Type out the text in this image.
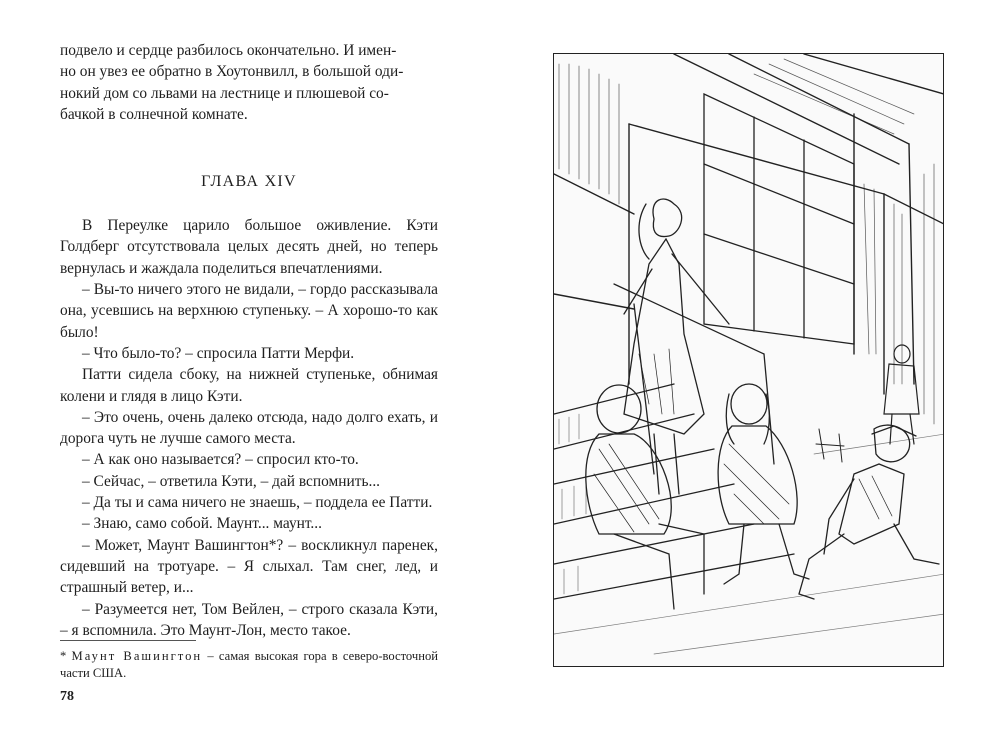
подвело и сердце разбилось окончательно. И имен-

но он увез ее обратно в Хоутонвилл, в большой оди-

нокий дом со львами на лестнице и плюшевой со-

бачкой в солнечной комнате.

ГЛАВА XIV

В Переулке царило большое оживление. Кэти Голдберг отсутствовала целых десять дней, но теперь вернулась и жаждала поделиться впечатлениями.

– Вы-то ничего этого не видали, – гордо рассказывала она, усевшись на верхнюю ступеньку. – А хорошо-то как было!

– Что было-то? – спросила Патти Мерфи.

Патти сидела сбоку, на нижней ступеньке, обнимая колени и глядя в лицо Кэти.

– Это очень, очень далеко отсюда, надо долго ехать, и дорога чуть не лучше самого места.

– А как оно называется? – спросил кто-то.

– Сейчас, – ответила Кэти, – дай вспомнить...

– Да ты и сама ничего не знаешь, – поддела ее Патти.

– Знаю, само собой. Маунт... маунт...

– Может, Маунт Вашингтон*? – воскликнул паренек, сидевший на тротуаре. – Я слыхал. Там снег, лед, и страшный ветер, и...

– Разумеется нет, Том Вейлен, – строго сказала Кэти, – я вспомнила. Это Маунт-Лон, место такое.

* Маунт Вашингтон – самая высокая гора в северо-восточной части США.
78
